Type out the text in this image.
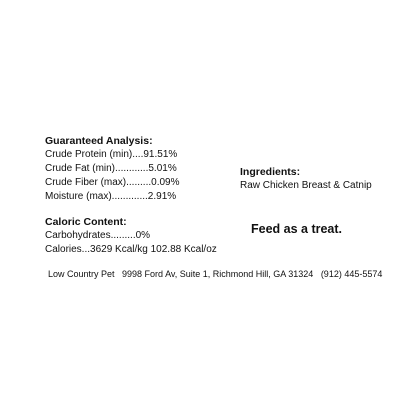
Guaranteed Analysis:
Crude Protein (min)....91.51%
Crude Fat (min)............5.01%
Crude Fiber (max).........0.09%
Moisture (max).............2.91%
Ingredients:
Raw Chicken Breast & Catnip
Caloric Content:
Carbohydrates.........0%
Calories...3629 Kcal/kg 102.88 Kcal/oz
Feed as a treat.
Low Country Pet   9998 Ford Av, Suite 1, Richmond Hill, GA 31324   (912) 445-5574
